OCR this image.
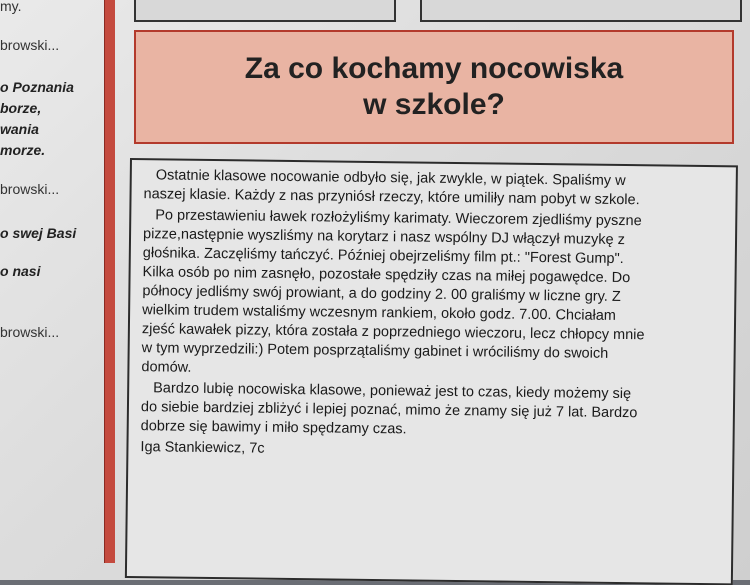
my.
browski...
o Poznania
borze,
wania
morze.
browski...
o swej Basi
o nasi
browski...
Za co kochamy nocowiska
w szkole?

Ostatnie klasowe nocowanie odbyło się, jak zwykle, w piątek. Spaliśmy w naszej klasie. Każdy z nas przyniósł rzeczy, które umiliły nam pobyt w szkole.

Po przestawieniu ławek rozłożyliśmy karimaty. Wieczorem zjedliśmy pyszne pizze,następnie wyszliśmy na korytarz i nasz wspólny DJ włączył muzykę z głośnika. Zaczęliśmy tańczyć. Później obejrzeliśmy film pt.: "Forest Gump". Kilka osób po nim zasnęło, pozostałe spędziły czas na miłej pogawędce. Do północy jedliśmy swój prowiant, a do godziny 2. 00 graliśmy w liczne gry. Z wielkim trudem wstaliśmy wczesnym rankiem, około godz. 7.00. Chciałam zjeść kawałek pizzy, która została z poprzedniego wieczoru, lecz chłopcy mnie w tym wyprzedzili:) Potem posprzątaliśmy gabinet i wróciliśmy do swoich domów.

Bardzo lubię nocowiska klasowe, ponieważ jest to czas, kiedy możemy się do siebie bardziej zbliżyć i lepiej poznać, mimo że znamy się już 7 lat. Bardzo dobrze się bawimy i miło spędzamy czas.

Iga Stankiewicz, 7c
